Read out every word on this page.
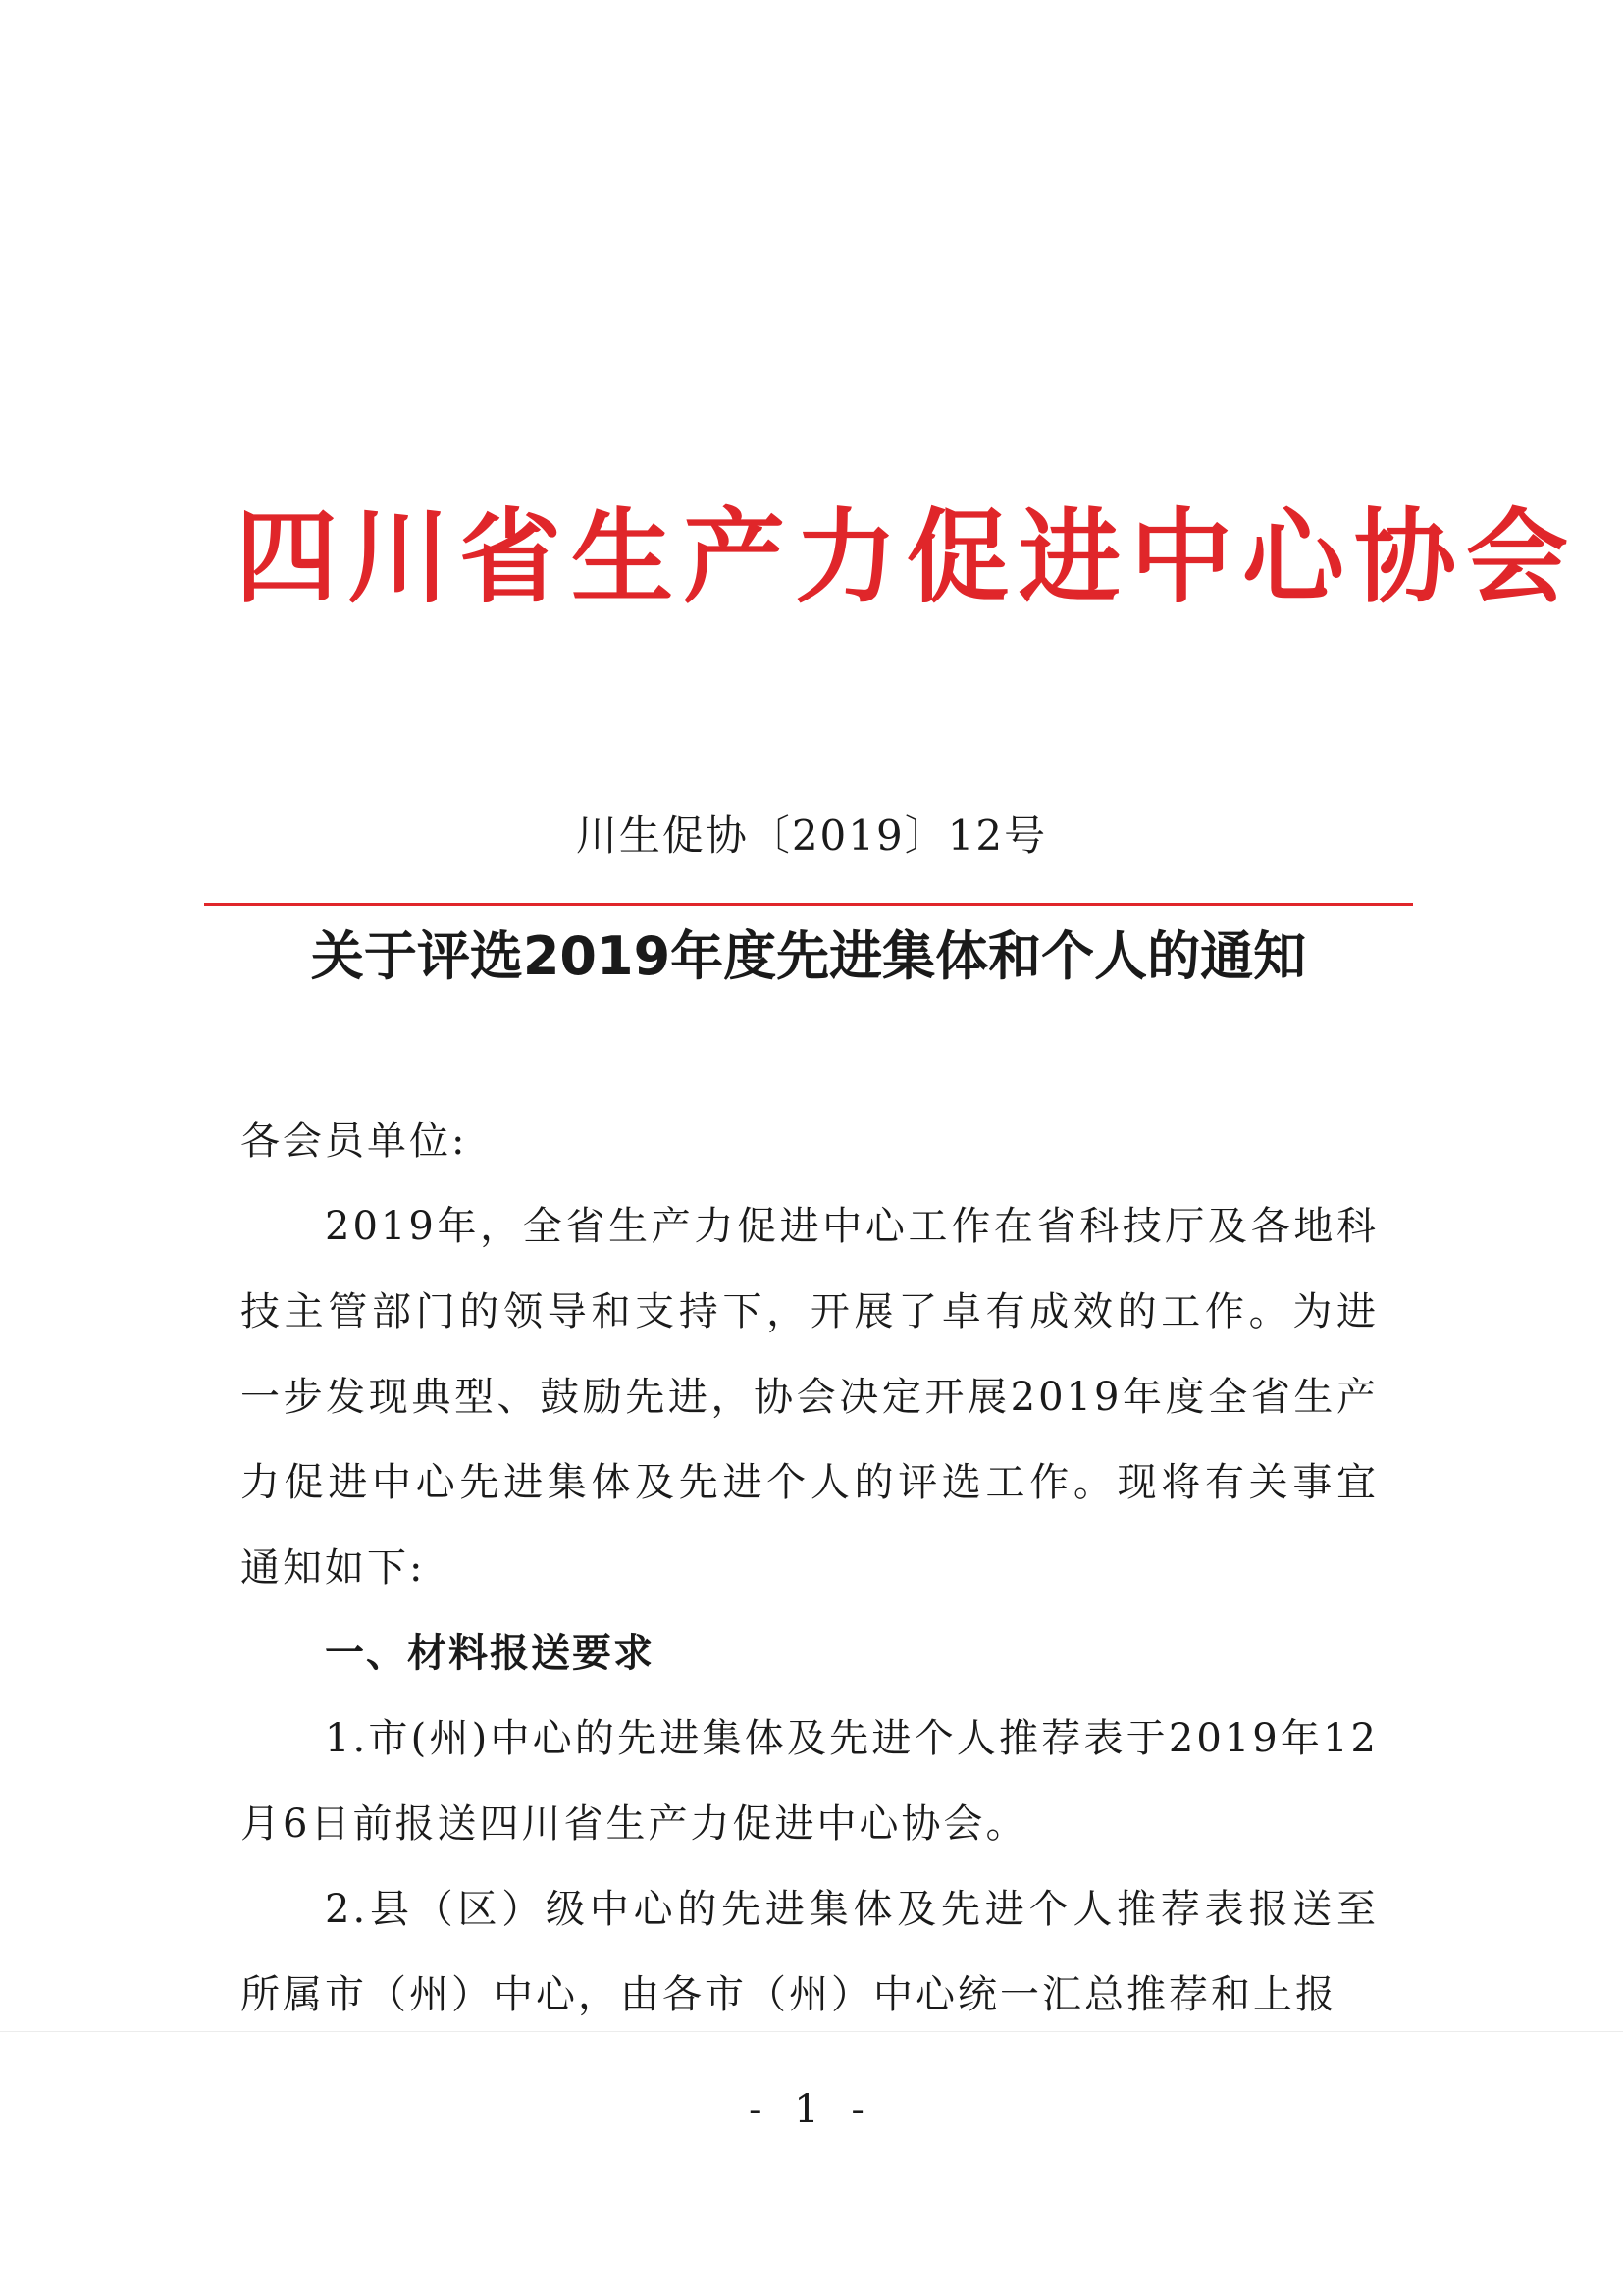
四川省生产力促进中心协会
川生促协〔2019〕12号
关于评选2019年度先进集体和个人的通知

各会员单位:

2019年，全省生产力促进中心工作在省科技厅及各地科技主管部门的领导和支持下，开展了卓有成效的工作。为进一步发现典型、鼓励先进，协会决定开展2019年度全省生产力促进中心先进集体及先进个人的评选工作。现将有关事宜通知如下:

一、材料报送要求

1.市(州)中心的先进集体及先进个人推荐表于2019年12月6日前报送四川省生产力促进中心协会。

2.县（区）级中心的先进集体及先进个人推荐表报送至所属市（州）中心，由各市（州）中心统一汇总推荐和上报

- 1 -
